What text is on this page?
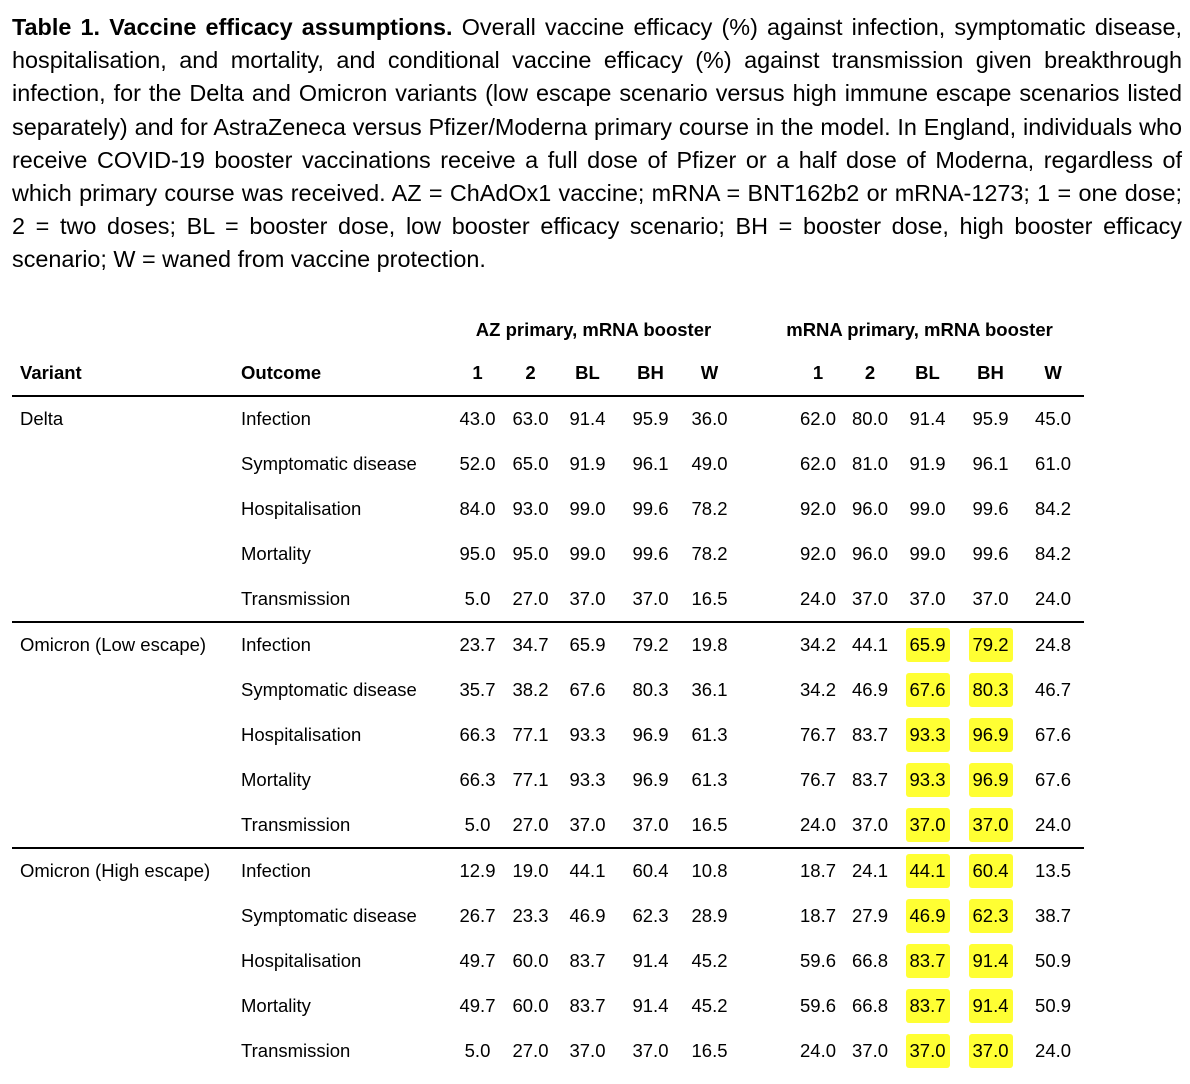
Table 1. Vaccine efficacy assumptions. Overall vaccine efficacy (%) against infection, symptomatic disease, hospitalisation, and mortality, and conditional vaccine efficacy (%) against transmission given breakthrough infection, for the Delta and Omicron variants (low escape scenario versus high immune escape scenarios listed separately) and for AstraZeneca versus Pfizer/Moderna primary course in the model. In England, individuals who receive COVID-19 booster vaccinations receive a full dose of Pfizer or a half dose of Moderna, regardless of which primary course was received. AZ = ChAdOx1 vaccine; mRNA = BNT162b2 or mRNA-1273; 1 = one dose; 2 = two doses; BL = booster dose, low booster efficacy scenario; BH = booster dose, high booster efficacy scenario; W = waned from vaccine protection.
		AZ primary, mRNA booster					mRNA primary, mRNA booster					
Variant	Outcome	1	2	BL	BH	W		1	2	BL	BH	W
Delta	Infection	43.0	63.0	91.4	95.9	36.0		62.0	80.0	91.4	95.9	45.0
	Symptomatic disease	52.0	65.0	91.9	96.1	49.0		62.0	81.0	91.9	96.1	61.0
	Hospitalisation	84.0	93.0	99.0	99.6	78.2		92.0	96.0	99.0	99.6	84.2
	Mortality	95.0	95.0	99.0	99.6	78.2		92.0	96.0	99.0	99.6	84.2
	Transmission	5.0	27.0	37.0	37.0	16.5		24.0	37.0	37.0	37.0	24.0
Omicron (Low escape)	Infection	23.7	34.7	65.9	79.2	19.8		34.2	44.1	65.9	79.2	24.8
	Symptomatic disease	35.7	38.2	67.6	80.3	36.1		34.2	46.9	67.6	80.3	46.7
	Hospitalisation	66.3	77.1	93.3	96.9	61.3		76.7	83.7	93.3	96.9	67.6
	Mortality	66.3	77.1	93.3	96.9	61.3		76.7	83.7	93.3	96.9	67.6
	Transmission	5.0	27.0	37.0	37.0	16.5		24.0	37.0	37.0	37.0	24.0
Omicron (High escape)	Infection	12.9	19.0	44.1	60.4	10.8		18.7	24.1	44.1	60.4	13.5
	Symptomatic disease	26.7	23.3	46.9	62.3	28.9		18.7	27.9	46.9	62.3	38.7
	Hospitalisation	49.7	60.0	83.7	91.4	45.2		59.6	66.8	83.7	91.4	50.9
	Mortality	49.7	60.0	83.7	91.4	45.2		59.6	66.8	83.7	91.4	50.9
	Transmission	5.0	27.0	37.0	37.0	16.5		24.0	37.0	37.0	37.0	24.0
